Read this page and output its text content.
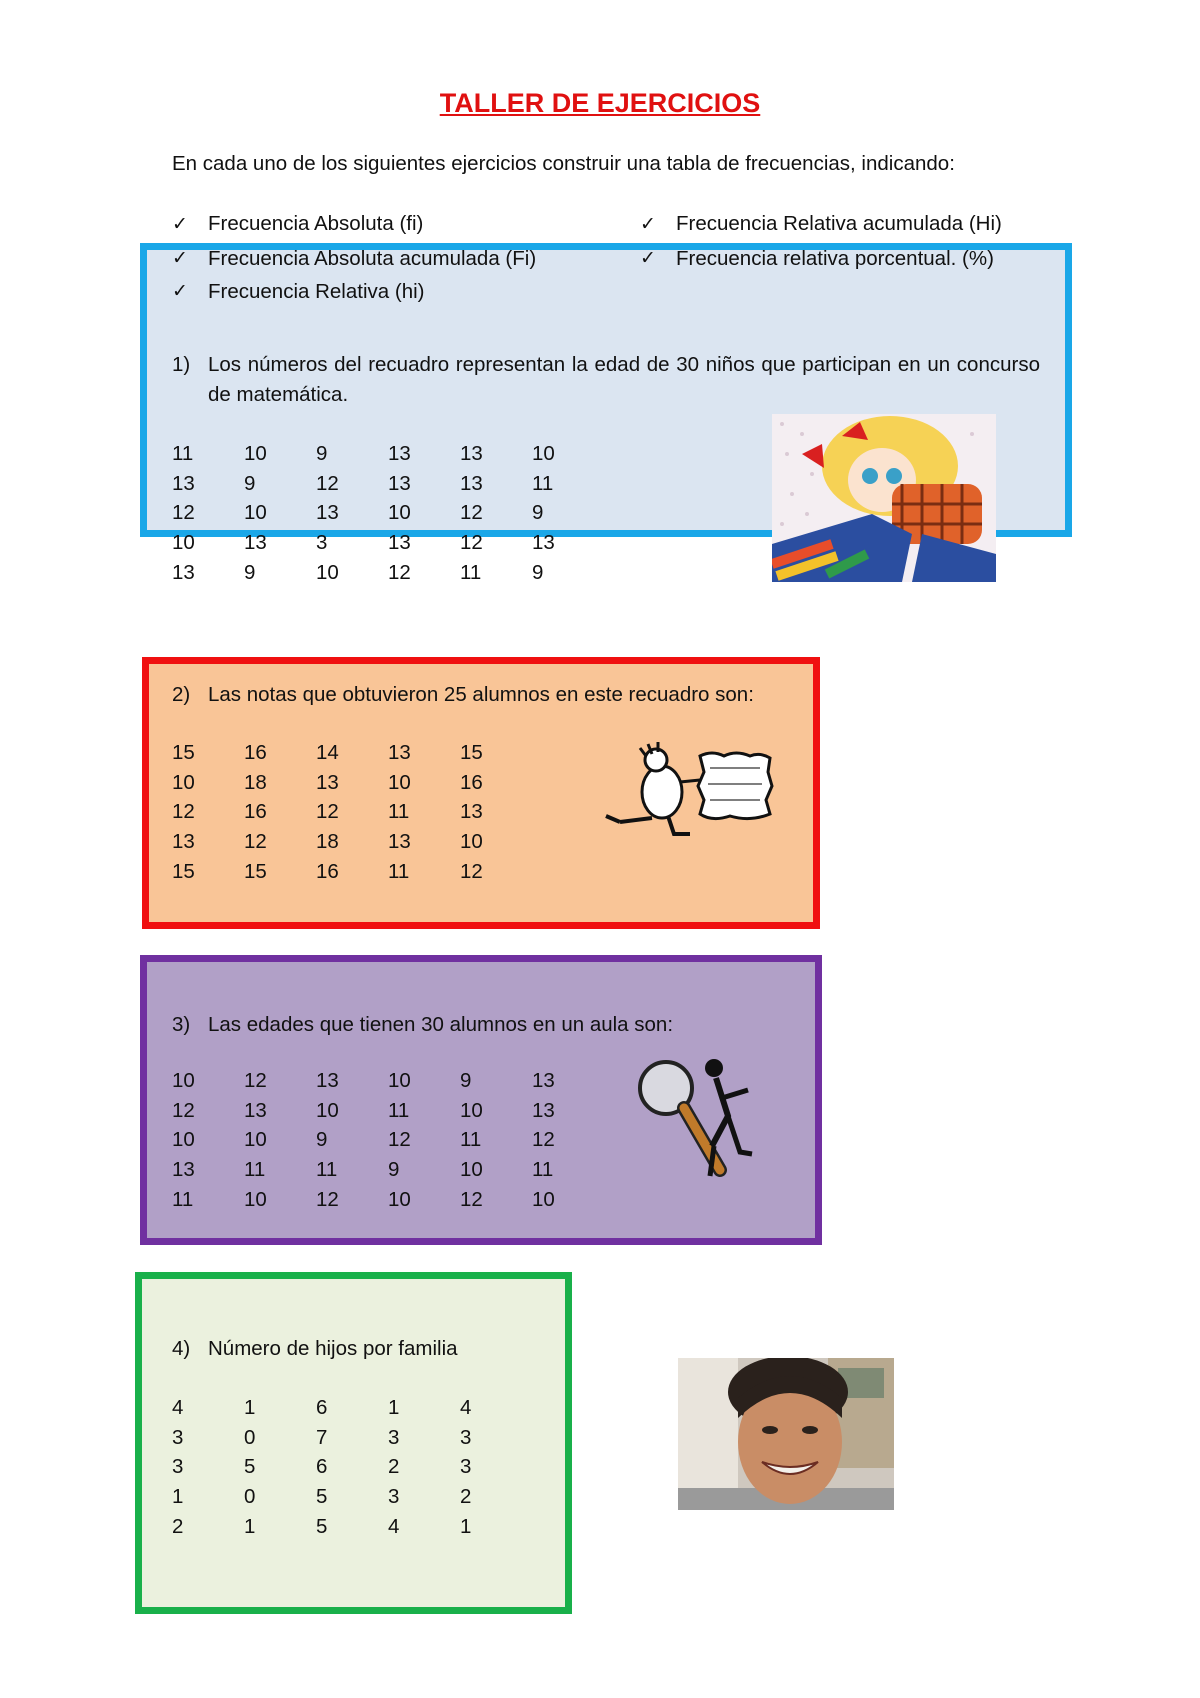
TALLER DE EJERCICIOS
En cada uno de los siguientes ejercicios construir una tabla de frecuencias, indicando:
✓ Frecuencia Absoluta (fi)
✓ Frecuencia Absoluta acumulada (Fi)
✓ Frecuencia Relativa (hi)
✓ Frecuencia Relativa acumulada (Hi)
✓ Frecuencia relativa porcentual. (%)
1) Los números del recuadro representan la edad de 30 niños que participan en un concurso de matemática.
11	10	9	13	13	10
13	9	12	13	13	11
12	10	13	10	12	9
10	13	3	13	12	13
13	9	10	12	11	9
2) Las notas que obtuvieron 25 alumnos en este recuadro son:
15	16	14	13	15
10	18	13	10	16
12	16	12	11	13
13	12	18	13	10
15	15	16	11	12
3) Las edades que tienen 30 alumnos en un aula son:
10	12	13	10	9	13
12	13	10	11	10	13
10	10	9	12	11	12
13	11	11	9	10	11
11	10	12	10	12	10
4) Número de hijos por familia
4	1	6	1	4
3	0	7	3	3
3	5	6	2	3
1	0	5	3	2
2	1	5	4	1
